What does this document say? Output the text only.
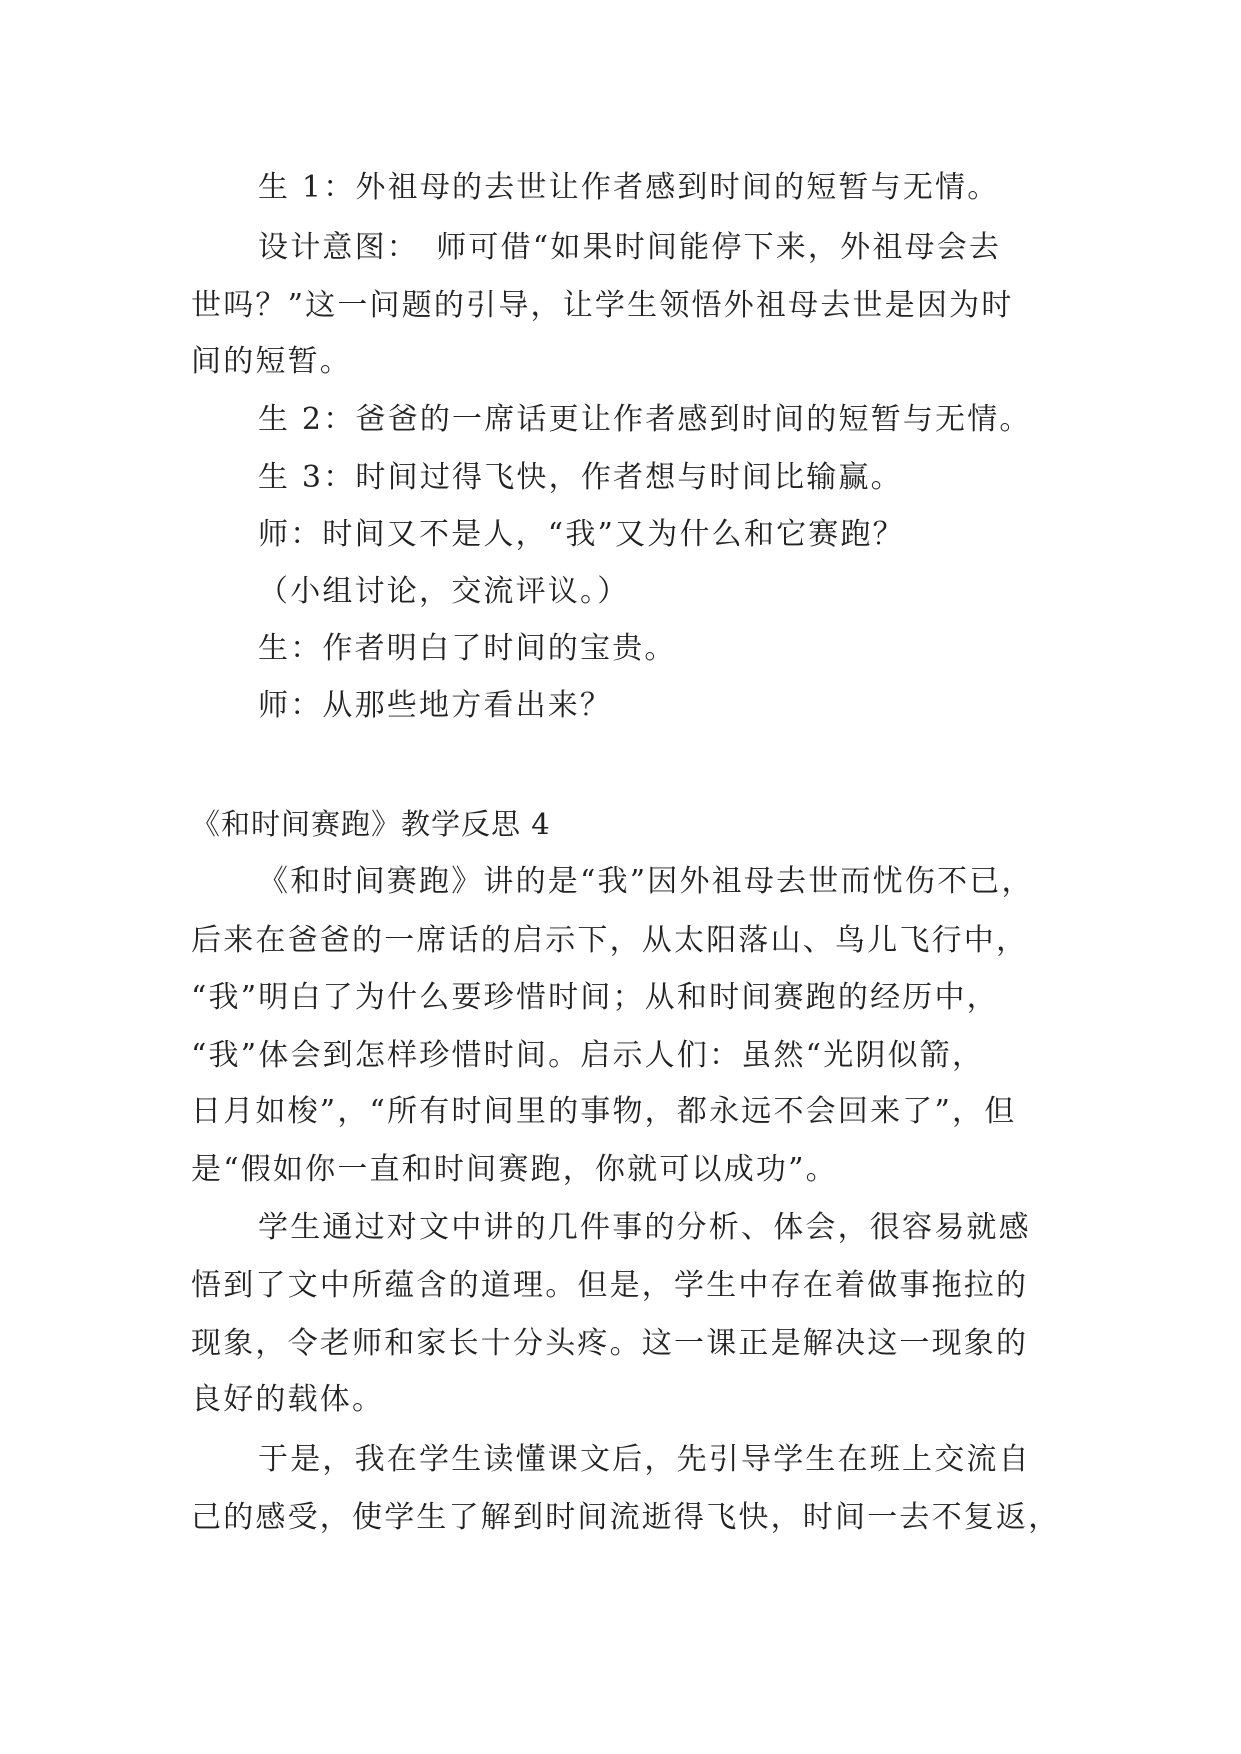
生 1：外祖母的去世让作者感到时间的短暂与无情。
设计意图：　师可借“如果时间能停下来，外祖母会去
世吗？”这一问题的引导，让学生领悟外祖母去世是因为时
间的短暂。
生 2：爸爸的一席话更让作者感到时间的短暂与无情。
生 3：时间过得飞快，作者想与时间比输赢。
师：时间又不是人，“我”又为什么和它赛跑？
（小组讨论，交流评议。）
生：作者明白了时间的宝贵。
师：从那些地方看出来？
《和时间赛跑》教学反思 4
《和时间赛跑》讲的是“我”因外祖母去世而忧伤不已，
后来在爸爸的一席话的启示下，从太阳落山、鸟儿飞行中，
“我”明白了为什么要珍惜时间；从和时间赛跑的经历中，
“我”体会到怎样珍惜时间。启示人们：虽然“光阴似箭，
日月如梭”，“所有时间里的事物，都永远不会回来了”，但
是“假如你一直和时间赛跑，你就可以成功”。
学生通过对文中讲的几件事的分析、体会，很容易就感
悟到了文中所蕴含的道理。但是，学生中存在着做事拖拉的
现象，令老师和家长十分头疼。这一课正是解决这一现象的
良好的载体。
于是，我在学生读懂课文后，先引导学生在班上交流自
己的感受，使学生了解到时间流逝得飞快，时间一去不复返，
